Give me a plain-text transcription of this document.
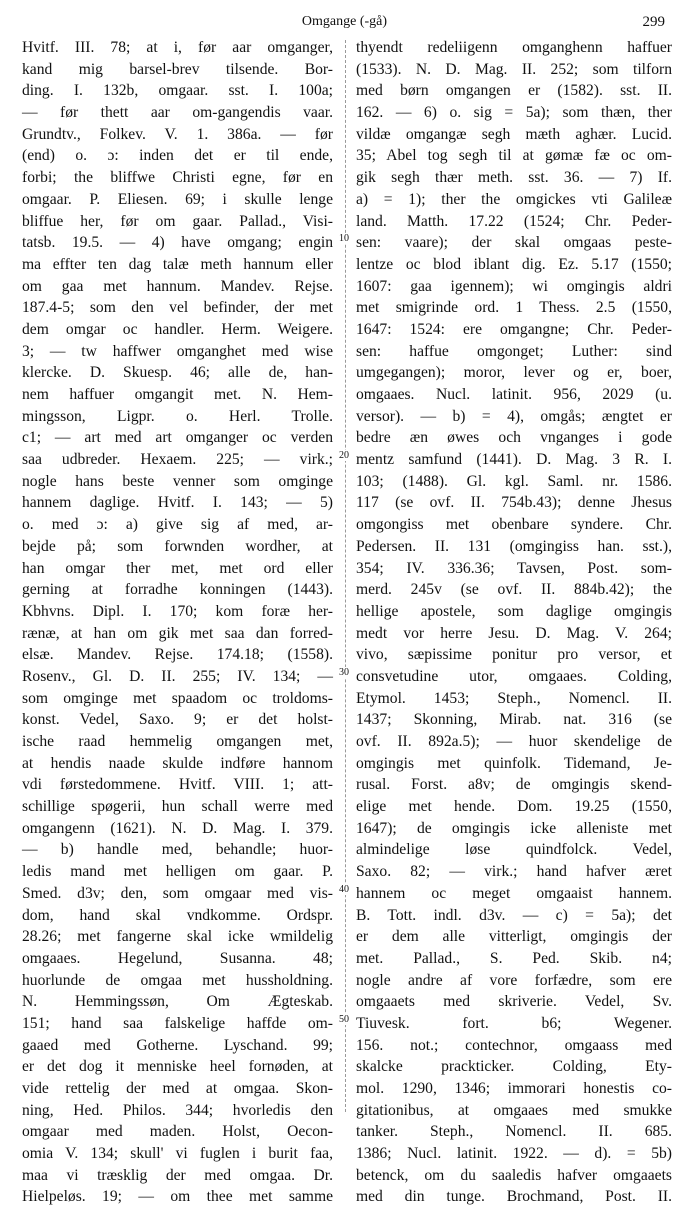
Omgange (-gå)	299
10
20
30
40
50
Hvitf. III. 78; at i, før aar omganger,
kand mig barsel-brev tilsende. Bor-
ding. I. 132b, omgaar. sst. I. 100a;
— før thett aar om-gangendis vaar.
Grundtv., Folkev. V. 1. 386a. — før
(end) o. ɔ: inden det er til ende,
forbi; the bliffwe Christi egne, før en
omgaar. P. Eliesen. 69; i skulle lenge
bliffue her, før om gaar. Pallad., Visi-
tatsb. 19.5. — 4) have omgang; engin
ma effter ten dag talæ meth hannum eller
om gaa met hannum. Mandev. Rejse.
187.4-5; som den vel befinder, der met
dem omgar oc handler. Herm. Weigere.
3; — tw haffwer omganghet med wise
klercke. D. Skuesp. 46; alle de, han-
nem haffuer omgangit met. N. Hem-
mingsson, Ligpr. o. Herl. Trolle.
c1; — art med art omganger oc verden
saa udbreder. Hexaem. 225; — virk.;
nogle hans beste venner som omginge
hannem daglige. Hvitf. I. 143; — 5)
o. med ɔ: a) give sig af med, ar-
bejde på; som forwnden wordher, at
han omgar ther met, met ord eller
gerning at forradhe konningen (1443).
Kbhvns. Dipl. I. 170; kom foræ her-
rænæ, at han om gik met saa dan forred-
elsæ. Mandev. Rejse. 174.18; (1558).
Rosenv., Gl. D. II. 255; IV. 134; —
som omginge met spaadom oc troldoms-
konst. Vedel, Saxo. 9; er det holst-
ische raad hemmelig omgangen met,
at hendis naade skulde indføre hannom
vdi førstedommene. Hvitf. VIII. 1; att-
schillige spøgerii, hun schall werre med
omgangenn (1621). N. D. Mag. I. 379.
— b) handle med, behandle; huor-
ledis mand met helligen om gaar. P.
Smed. d3v; den, som omgaar med vis-
dom, hand skal vndkomme. Ordspr.
28.26; met fangerne skal icke wmildelig
omgaaes. Hegelund, Susanna. 48;
huorlunde de omgaa met hussholdning.
N. Hemmingssøn, Om Ægteskab.
151; hand saa falskelige haffde om-
gaaed med Gotherne. Lyschand. 99;
er det dog it menniske heel fornøden, at
vide rettelig der med at omgaa. Skon-
ning, Hed. Philos. 344; hvorledis den
omgaar med maden. Holst, Oecon-
omia V. 134; skull' vi fuglen i burit faa,
maa vi træsklig der med omgaa. Dr.
Hielpeløs. 19; — om thee met samme
thyendt redeliigenn omganghenn haffuer
(1533). N. D. Mag. II. 252; som tilforn
med børn omgangen er (1582). sst. II.
162. — 6) o. sig = 5a); som thæn, ther
vildæ omgangæ segh mæth aghær. Lucid.
35; Abel tog segh til at gømæ fæ oc om-
gik segh thær meth. sst. 36. — 7) If.
a) = 1); ther the omgickes vti Galileæ
land. Matth. 17.22 (1524; Chr. Peder-
sen: vaare); der skal omgaas peste-
lentze oc blod iblant dig. Ez. 5.17 (1550;
1607: gaa igennem); wi omgingis aldri
met smigrinde ord. 1 Thess. 2.5 (1550,
1647: 1524: ere omgangne; Chr. Peder-
sen: haffue omgonget; Luther: sind
umgegangen); moror, lever og er, boer,
omgaaes. Nucl. latinit. 956, 2029 (u.
versor). — b) = 4), omgås; ængtet er
bedre æn øwes och vnganges i gode
mentz samfund (1441). D. Mag. 3 R. I.
103; (1488). Gl. kgl. Saml. nr. 1586.
117 (se ovf. II. 754b.43); denne Jhesus
omgongiss met obenbare syndere. Chr.
Pedersen. II. 131 (omgingiss han. sst.),
354; IV. 336.36; Tavsen, Post. som-
merd. 245v (se ovf. II. 884b.42); the
hellige apostele, som daglige omgingis
medt vor herre Jesu. D. Mag. V. 264;
vivo, sæpissime ponitur pro versor, et
consvetudine utor, omgaaes. Colding,
Etymol. 1453; Steph., Nomencl. II.
1437; Skonning, Mirab. nat. 316 (se
ovf. II. 892a.5); — huor skendelige de
omgingis met quinfolk. Tidemand, Je-
rusal. Forst. a8v; de omgingis skend-
elige met hende. Dom. 19.25 (1550,
1647); de omgingis icke alleniste met
almindelige løse quindfolck. Vedel,
Saxo. 82; — virk.; hand hafver æret
hannem oc meget omgaaist hannem.
B. Tott. indl. d3v. — c) = 5a); det
er dem alle vitterligt, omgingis der
met. Pallad., S. Ped. Skib. n4;
nogle andre af vore forfædre, som ere
omgaaets med skriverie. Vedel, Sv.
Tiuvesk. fort. b6; Wegener.
156. not.; contechnor, omgaass med
skalcke prackticker. Colding, Ety-
mol. 1290, 1346; immorari honestis co-
gitationibus, at omgaaes med smukke
tanker. Steph., Nomencl. II. 685.
1386; Nucl. latinit. 1922. — d). = 5b)
betenck, om du saaledis hafver omgaaets
med din tunge. Brochmand, Post. II.
